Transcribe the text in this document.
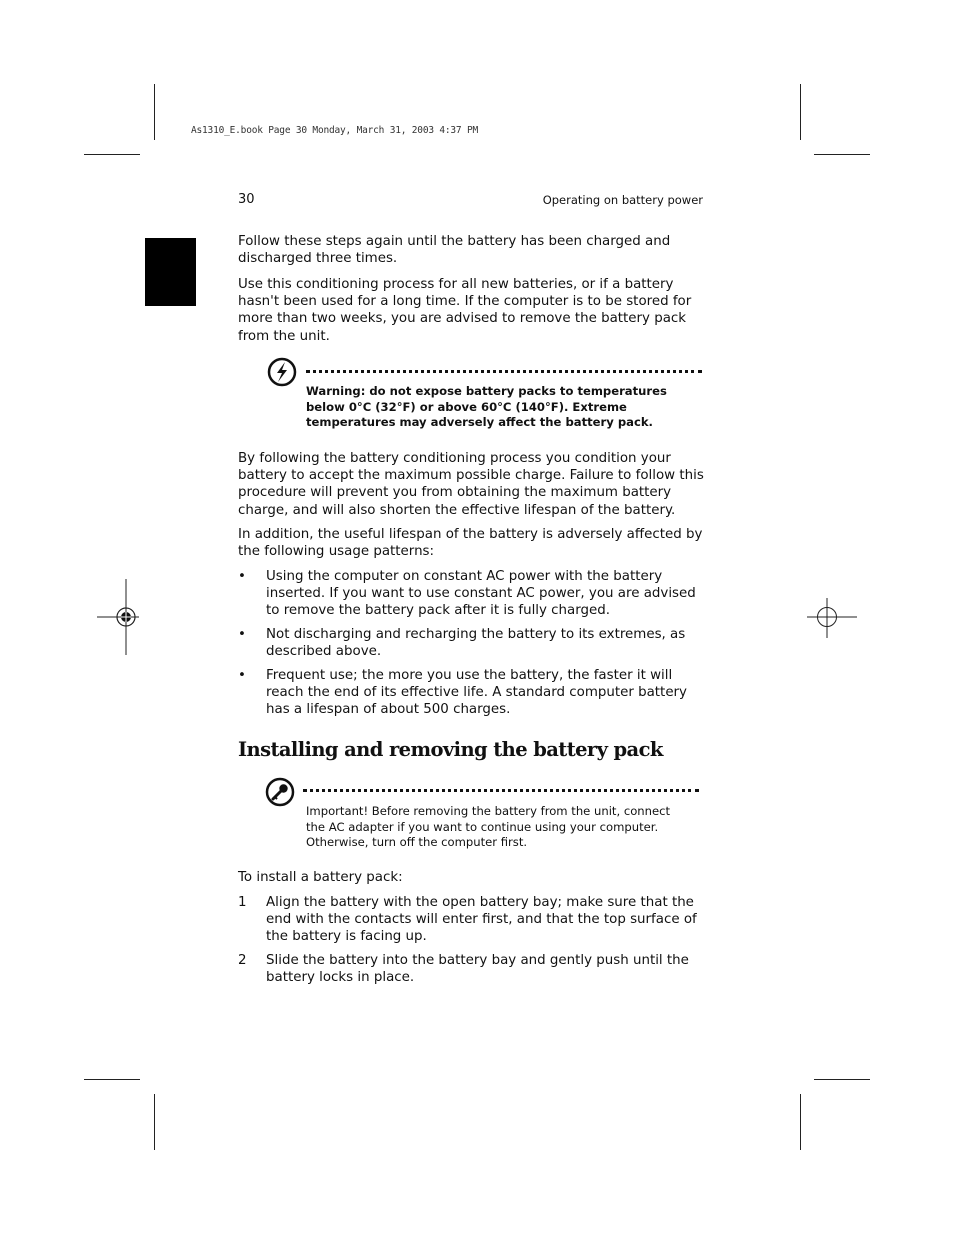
As1310_E.book Page 30 Monday, March 31, 2003 4:37 PM
30	Operating on battery power

Follow these steps again until the battery has been charged and discharged three times.

Use this conditioning process for all new batteries, or if a battery hasn't been used for a long time. If the computer is to be stored for more than two weeks, you are advised to remove the battery pack from the unit.

Warning: do not expose battery packs to temperatures below 0°C (32°F) or above 60°C (140°F). Extreme temperatures may adversely affect the battery pack.

By following the battery conditioning process you condition your battery to accept the maximum possible charge. Failure to follow this procedure will prevent you from obtaining the maximum battery charge, and will also shorten the effective lifespan of the battery.

In addition, the useful lifespan of the battery is adversely affected by the following usage patterns:

• Using the computer on constant AC power with the battery inserted. If you want to use constant AC power, you are advised to remove the battery pack after it is fully charged.
• Not discharging and recharging the battery to its extremes, as described above.
• Frequent use; the more you use the battery, the faster it will reach the end of its effective life. A standard computer battery has a lifespan of about 500 charges.
Installing and removing the battery pack
Important! Before removing the battery from the unit, connect the AC adapter if you want to continue using your computer. Otherwise, turn off the computer first.

To install a battery pack:

1 Align the battery with the open battery bay; make sure that the end with the contacts will enter first, and that the top surface of the battery is facing up.
2 Slide the battery into the battery bay and gently push until the battery locks in place.
